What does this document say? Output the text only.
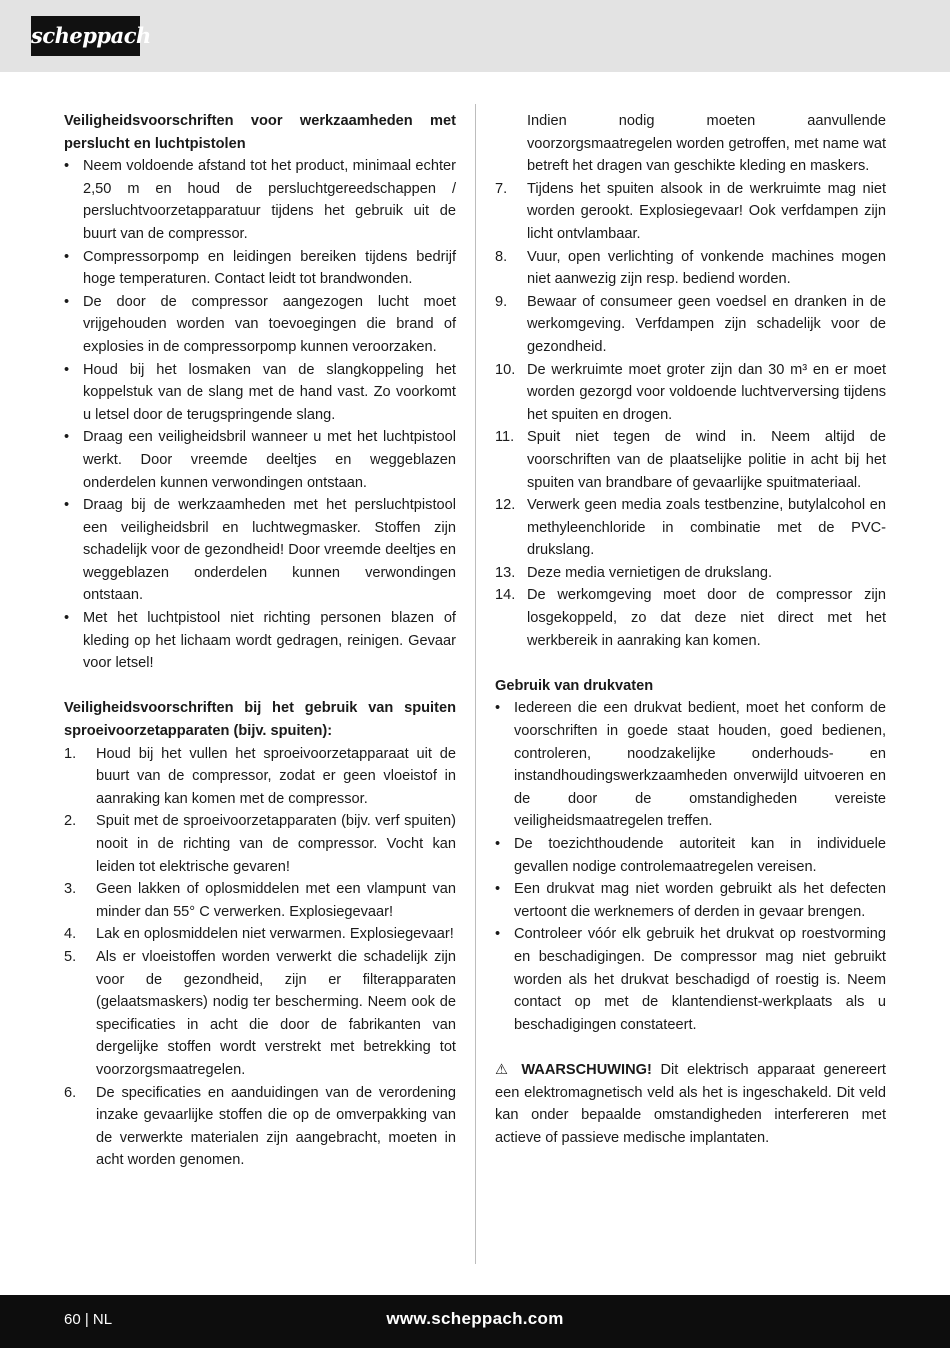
scheppach

Veiligheidsvoorschriften voor werkzaamheden met perslucht en luchtpistolen

• Neem voldoende afstand tot het product, minimaal echter 2,50 m en houd de persluchtgereedschappen / persluchtvoorzetapparatuur tijdens het gebruik uit de buurt van de compressor.
• Compressorpomp en leidingen bereiken tijdens bedrijf hoge temperaturen. Contact leidt tot brandwonden.
• De door de compressor aangezogen lucht moet vrijgehouden worden van toevoegingen die brand of explosies in de compressorpomp kunnen veroorzaken.
• Houd bij het losmaken van de slangkoppeling het koppelstuk van de slang met de hand vast. Zo voorkomt u letsel door de terugspringende slang.
• Draag een veiligheidsbril wanneer u met het luchtpistool werkt. Door vreemde deeltjes en weggeblazen onderdelen kunnen verwondingen ontstaan.
• Draag bij de werkzaamheden met het persluchtpistool een veiligheidsbril en luchtwegmasker. Stoffen zijn schadelijk voor de gezondheid! Door vreemde deeltjes en weggeblazen onderdelen kunnen verwondingen ontstaan.
• Met het luchtpistool niet richting personen blazen of kleding op het lichaam wordt gedragen, reinigen. Gevaar voor letsel!

Veiligheidsvoorschriften bij het gebruik van spuiten sproeivoorzetapparaten (bijv. spuiten):

1.	Houd bij het vullen het sproeivoorzetapparaat uit de buurt van de compressor, zodat er geen vloeistof in aanraking kan komen met de compressor.
2.	Spuit met de sproeivoorzetapparaten (bijv. verf spuiten) nooit in de richting van de compressor. Vocht kan leiden tot elektrische gevaren!
3.	Geen lakken of oplosmiddelen met een vlampunt van minder dan 55° C verwerken. Explosiegevaar!
4.	Lak en oplosmiddelen niet verwarmen. Explosiegevaar!
5.	Als er vloeistoffen worden verwerkt die schadelijk zijn voor de gezondheid, zijn er filterapparaten (gelaatsmaskers) nodig ter bescherming. Neem ook de specificaties in acht die door de fabrikanten van dergelijke stoffen wordt verstrekt met betrekking tot voorzorgsmaatregelen.
6.	De specificaties en aanduidingen van de verordening inzake gevaarlijke stoffen die op de omverpakking van de verwerkte materialen zijn aangebracht, moeten in acht worden genomen.

Indien nodig moeten aanvullende voorzorgsmaatregelen worden getroffen, met name wat betreft het dragen van geschikte kleding en maskers.

7.	Tijdens het spuiten alsook in de werkruimte mag niet worden gerookt. Explosiegevaar! Ook verfdampen zijn licht ontvlambaar.
8.	Vuur, open verlichting of vonkende machines mogen niet aanwezig zijn resp. bediend worden.
9.	Bewaar of consumeer geen voedsel en dranken in de werkomgeving. Verfdampen zijn schadelijk voor de gezondheid.
10. De werkruimte moet groter zijn dan 30 m³ en er moet worden gezorgd voor voldoende luchtverversing tijdens het spuiten en drogen.
11. Spuit niet tegen de wind in. Neem altijd de voorschriften van de plaatselijke politie in acht bij het spuiten van brandbare of gevaarlijke spuitmateriaal.
12. Verwerk geen media zoals testbenzine, butylalcohol en methyleenchloride in combinatie met de PVC-drukslang.
13. Deze media vernietigen de drukslang.
14. De werkomgeving moet door de compressor zijn losgekoppeld, zo dat deze niet direct met het werkbereik in aanraking kan komen.

Gebruik van drukvaten

• Iedereen die een drukvat bedient, moet het conform de voorschriften in goede staat houden, goed bedienen, controleren, noodzakelijke onderhouds- en instandhoudingswerkzaamheden onverwijld uitvoeren en de door de omstandigheden vereiste veiligheidsmaatregelen treffen.
• De toezichthoudende autoriteit kan in individuele gevallen nodige controlemaatregelen vereisen.
• Een drukvat mag niet worden gebruikt als het defecten vertoont die werknemers of derden in gevaar brengen.
• Controleer vóór elk gebruik het drukvat op roestvorming en beschadigingen. De compressor mag niet gebruikt worden als het drukvat beschadigd of roestig is. Neem contact op met de klantendienst-werkplaats als u beschadigingen constateert.

⚠ WAARSCHUWING! Dit elektrisch apparaat genereert een elektromagnetisch veld als het is ingeschakeld. Dit veld kan onder bepaalde omstandigheden interfereren met actieve of passieve medische implantaten.

60 | NL	www.scheppach.com
